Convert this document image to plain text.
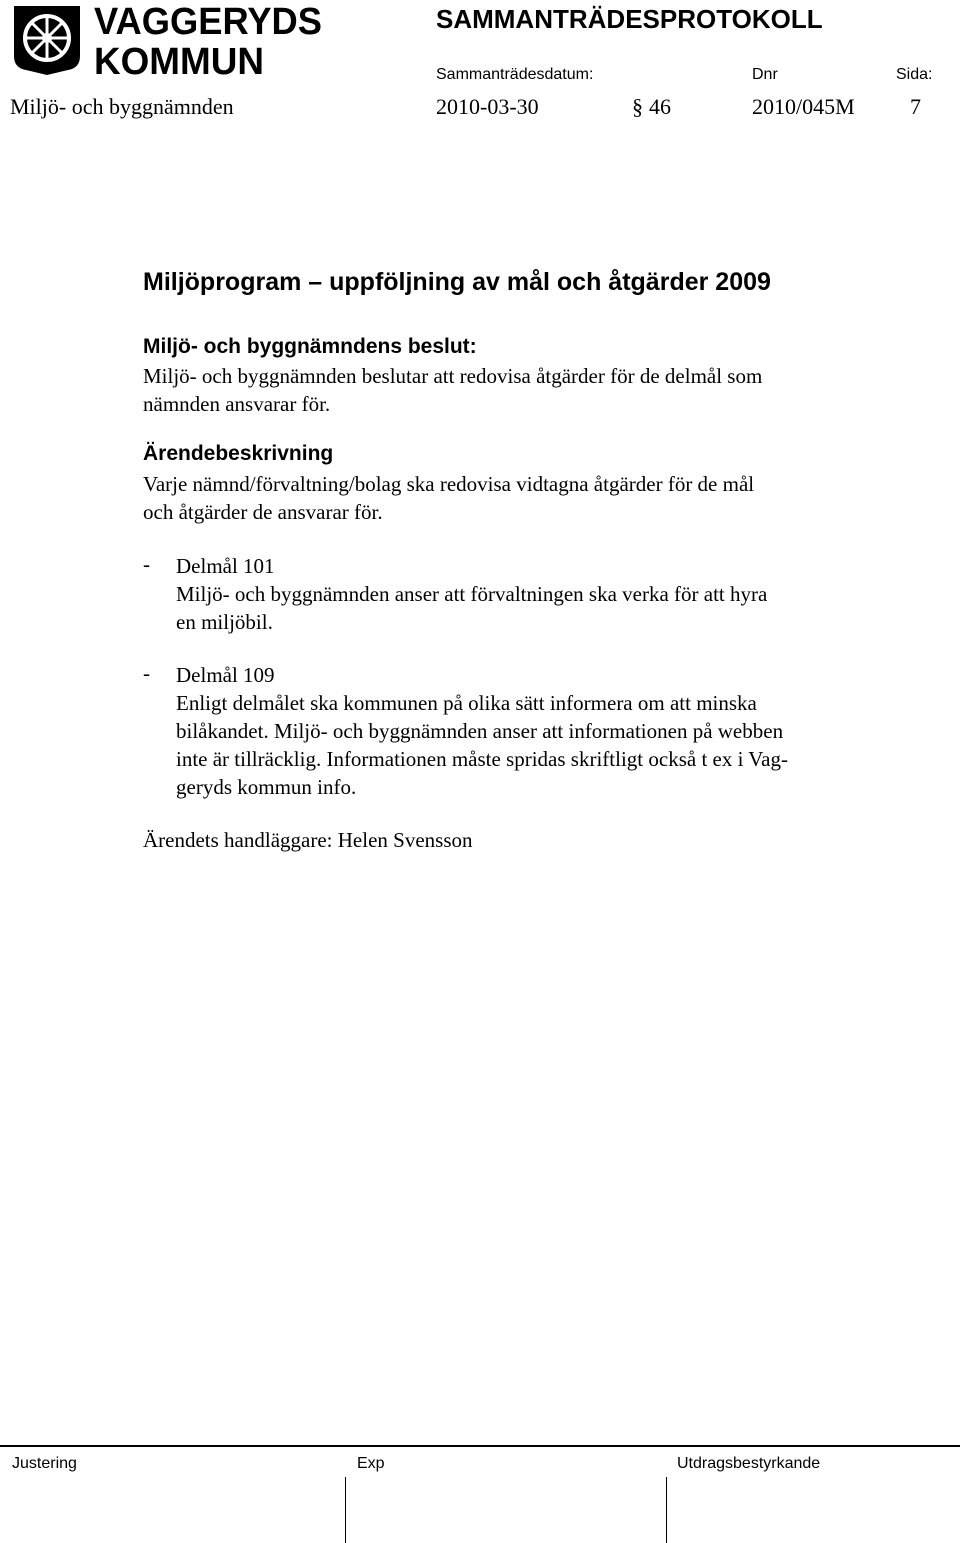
VAGGERYDS
KOMMUN
SAMMANTRÄDESPROTOKOLL
Sammanträdesdatum:	Dnr	Sida:
Miljö- och byggnämnden	2010-03-30	§ 46	2010/045M	7
Miljöprogram – uppföljning av mål och åtgärder 2009
Miljö- och byggnämndens beslut:
Miljö- och byggnämnden beslutar att redovisa åtgärder för de delmål som
nämnden ansvarar för.
Ärendebeskrivning
Varje nämnd/förvaltning/bolag ska redovisa vidtagna åtgärder för de mål
och åtgärder de ansvarar för.
- Delmål 101
Miljö- och byggnämnden anser att förvaltningen ska verka för att hyra
en miljöbil.
- Delmål 109
Enligt delmålet ska kommunen på olika sätt informera om att minska
bilåkandet. Miljö- och byggnämnden anser att informationen på webben
inte är tillräcklig. Informationen måste spridas skriftligt också t ex i Vag-
geryds kommun info.
Ärendets handläggare: Helen Svensson
Justering	Exp	Utdragsbestyrkande
